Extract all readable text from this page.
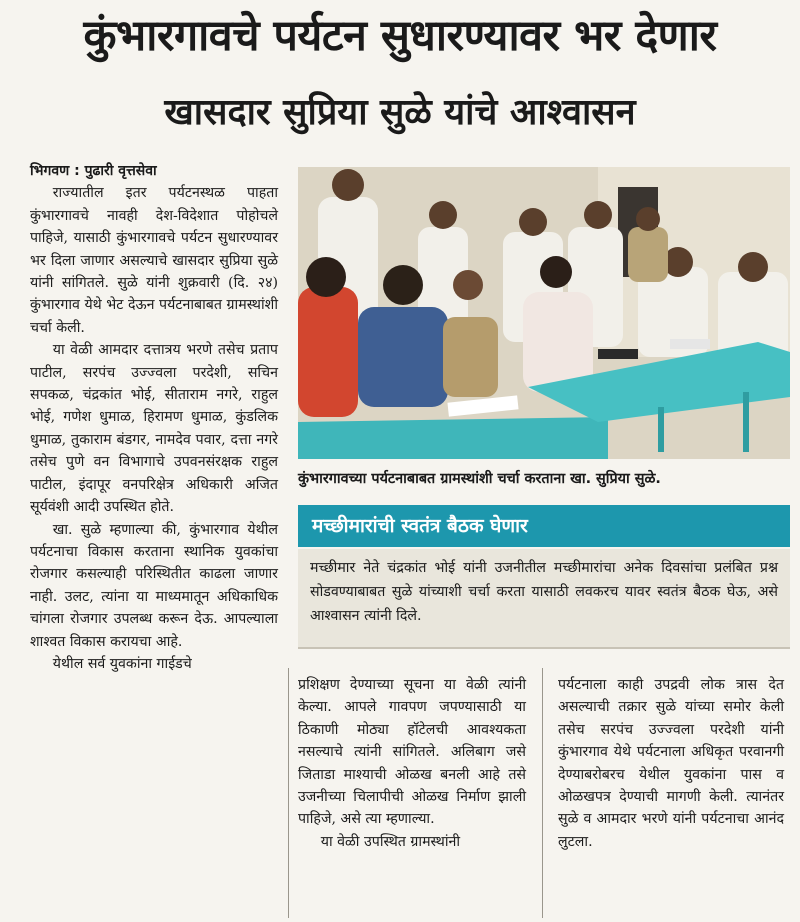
कुंभारगावचे पर्यटन सुधारण्यावर भर देणार
खासदार सुप्रिया सुळे यांचे आश्वासन

भिगवण : पुढारी वृत्तसेवा

राज्यातील इतर पर्यटनस्थळ पाहता कुंभारगावचे नावही देश-विदेशात पोहोचले पाहिजे, यासाठी कुंभारगावचे पर्यटन सुधारण्यावर भर दिला जाणार असल्याचे खासदार सुप्रिया सुळे यांनी सांगितले. सुळे यांनी शुक्रवारी (दि. २४) कुंभारगाव येथे भेट देऊन पर्यटनाबाबत ग्रामस्थांशी चर्चा केली.

या वेळी आमदार दत्तात्रय भरणे तसेच प्रताप पाटील, सरपंच उज्ज्वला परदेशी, सचिन सपकळ, चंद्रकांत भोई, सीताराम नगरे, राहुल भोई, गणेश धुमाळ, हिरामण धुमाळ, कुंडलिक धुमाळ, तुकाराम बंडगर, नामदेव पवार, दत्ता नगरे तसेच पुणे वन विभागाचे उपवनसंरक्षक राहुल पाटील, इंदापूर वनपरिक्षेत्र अधिकारी अजित सूर्यवंशी आदी उपस्थित होते.

खा. सुळे म्हणाल्या की, कुंभारगाव येथील पर्यटनाचा विकास करताना स्थानिक युवकांचा रोजगार कसल्याही परिस्थितीत काढला जाणार नाही. उलट, त्यांना या माध्यमातून अधिकाधिक चांगला रोजगार उपलब्ध करून देऊ. आपल्याला शाश्वत विकास करायचा आहे.

येथील सर्व युवकांना गाईडचे

कुंभारगावच्या पर्यटनाबाबत ग्रामस्थांशी चर्चा करताना खा. सुप्रिया सुळे.
मच्छीमारांची स्वतंत्र बैठक घेणार
मच्छीमार नेते चंद्रकांत भोई यांनी उजनीतील मच्छीमारांचा अनेक दिवसांचा प्रलंबित प्रश्न सोडवण्याबाबत सुळे यांच्याशी चर्चा करता यासाठी लवकरच यावर स्वतंत्र बैठक घेऊ, असे आश्वासन त्यांनी दिले.

प्रशिक्षण देण्याच्या सूचना या वेळी त्यांनी केल्या. आपले गावपण जपण्यासाठी या ठिकाणी मोठ्या हॉटेलची आवश्यकता नसल्याचे त्यांनी सांगितले. अलिबाग जसे जिताडा माश्याची ओळख बनली आहे तसे उजनीच्या चिलापीची ओळख निर्माण झाली पाहिजे, असे त्या म्हणाल्या.

या वेळी उपस्थित ग्रामस्थांनी

पर्यटनाला काही उपद्रवी लोक त्रास देत असल्याची तक्रार सुळे यांच्या समोर केली तसेच सरपंच उज्ज्वला परदेशी यांनी कुंभारगाव येथे पर्यटनाला अधिकृत परवानगी देण्याबरोबरच येथील युवकांना पास व ओळखपत्र देण्याची मागणी केली. त्यानंतर सुळे व आमदार भरणे यांनी पर्यटनाचा आनंद लुटला.
